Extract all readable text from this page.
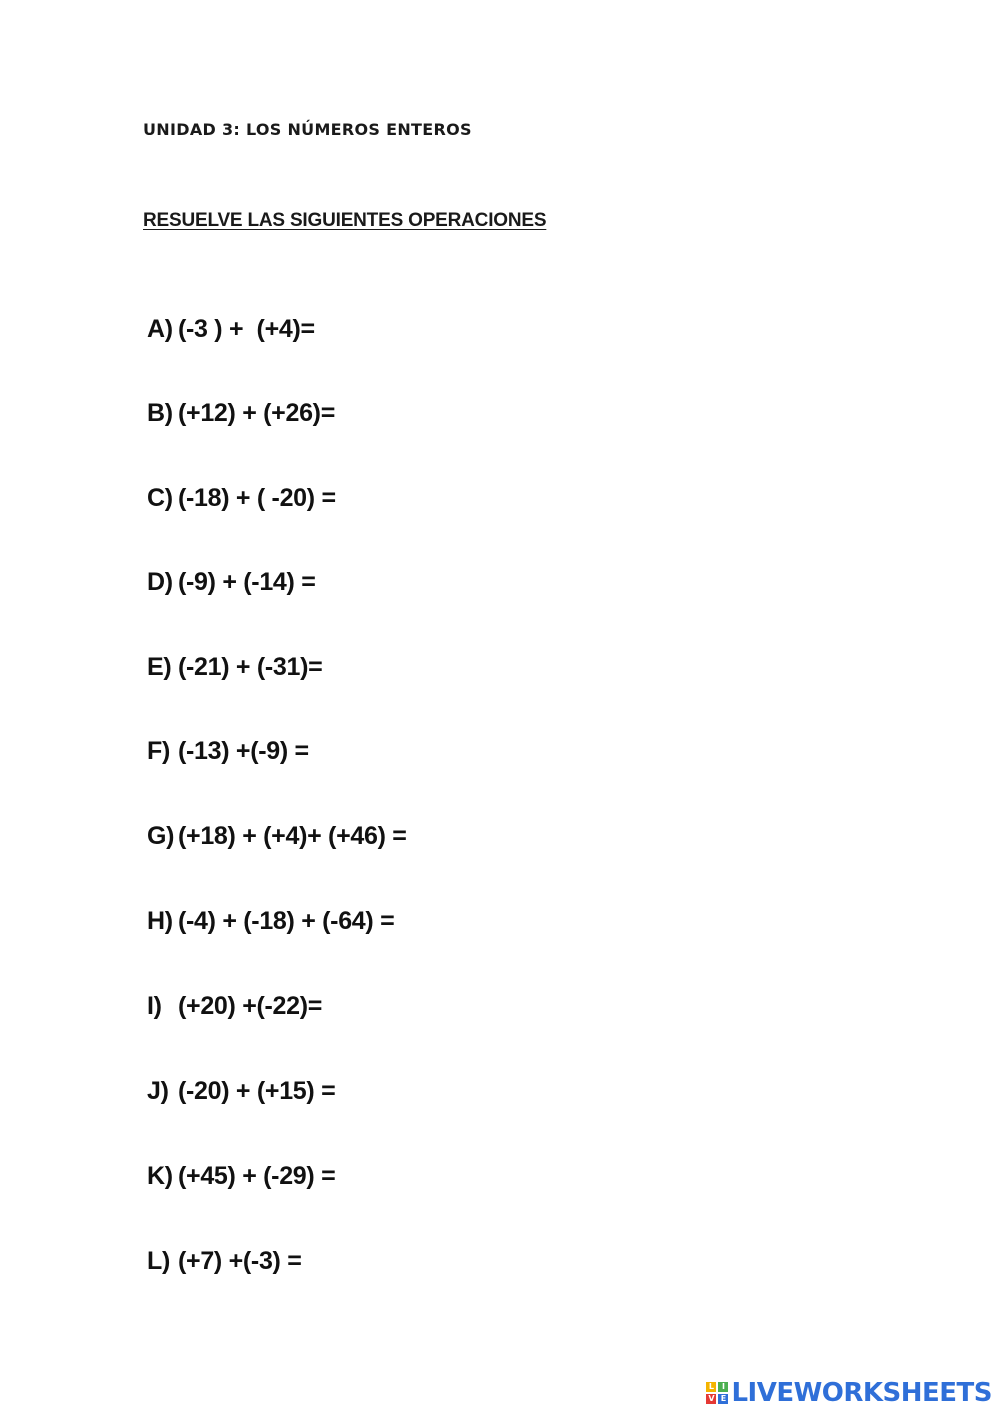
UNIDAD 3: LOS NÚMEROS ENTEROS
RESUELVE LAS SIGUIENTES OPERACIONES
A) (-3 ) +  (+4)=
B) (+12) + (+26)=
C) (-18) + ( -20) =
D) (-9) + (-14) =
E) (-21) + (-31)=
F) (-13) +(-9) =
G) (+18) + (+4)+ (+46) =
H) (-4) + (-18) + (-64) =
I) (+20) +(-22)=
J) (-20) + (+15) =
K) (+45) + (-29) =
L) (+7) +(-3) =
L I
V E LIVEWORKSHEETS
